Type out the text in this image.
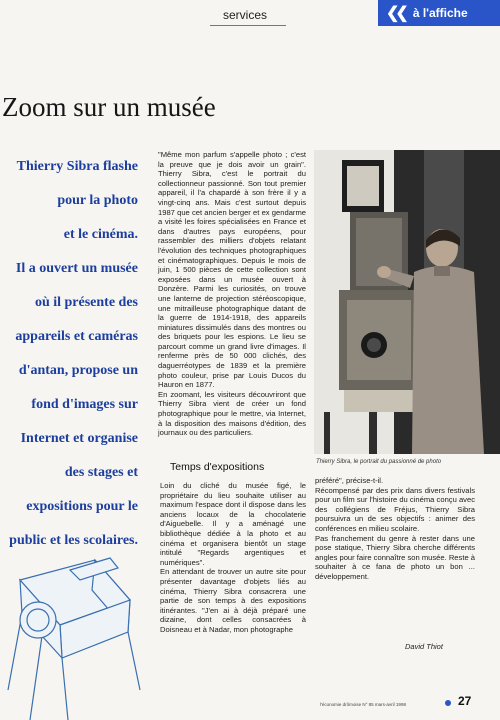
services	❮❮ à l'affiche
Zoom sur un musée
Thierry Sibra flashe
pour la photo
et le cinéma.
Il a ouvert un musée
où il présente des
appareils et caméras
d'antan, propose un
fond d'images sur
Internet et organise
des stages et
expositions pour le
public et les scolaires.

"Même mon parfum s'appelle photo ; c'est la preuve que je dois avoir un grain". Thierry Sibra, c'est le portrait du collectionneur passionné. Son tout premier appareil, il l'a chapardé à son frère il y a vingt-cinq ans. Mais c'est surtout depuis 1987 que cet ancien berger et ex gendarme a visité les foires spécialisées en France et dans d'autres pays européens, pour rassembler des milliers d'objets relatant l'évolution des techniques photographiques et cinématographiques. Depuis le mois de juin, 1 500 pièces de cette collection sont exposées dans un musée ouvert à Donzère. Parmi les curiosités, on trouve une lanterne de projection stéréoscopique, une mitrailleuse photographique datant de la guerre de 1914-1918, des appareils miniatures dissimulés dans des montres ou des briquets pour les espions. Le lieu se parcourt comme un grand livre d'images. Il renferme près de 50 000 clichés, des daguerréotypes de 1839 et la première photo couleur, prise par Louis Ducos du Hauron en 1877.

En zoomant, les visiteurs découvriront que Thierry Sibra vient de créer un fond photographique pour le mettre, via Internet, à la disposition des maisons d'édition, des journaux ou des particuliers.

Temps d'expositions

Loin du cliché du musée figé, le propriétaire du lieu souhaite utiliser au maximum l'espace dont il dispose dans les anciens locaux de la chocolaterie d'Aiguebelle. Il y a aménagé une bibliothèque dédiée à la photo et au cinéma et organisera bientôt un stage intitulé "Regards argentiques et numériques".

En attendant de trouver un autre site pour présenter davantage d'objets liés au cinéma, Thierry Sibra consacrera une partie de son temps à des expositions itinérantes. "J'en ai à déjà préparé une dizaine, dont celles consacrées à Doisneau et à Nadar, mon photographe

Thierry Sibra, le portrait du passionné de photo

préféré", précise-t-il.

Récompensé par des prix dans divers festivals pour un film sur l'histoire du cinéma conçu avec des collégiens de Fréjus, Thierry Sibra poursuivra un de ses objectifs : animer des conférences en milieu scolaire.

Pas franchement du genre à rester dans une pose statique, Thierry Sibra cherche différents angles pour faire connaître son musée. Reste à souhaiter à ce fana de photo un bon ... développement.

David Thiot
l'économie drômoise N° 85 mars-avril 1998	27
